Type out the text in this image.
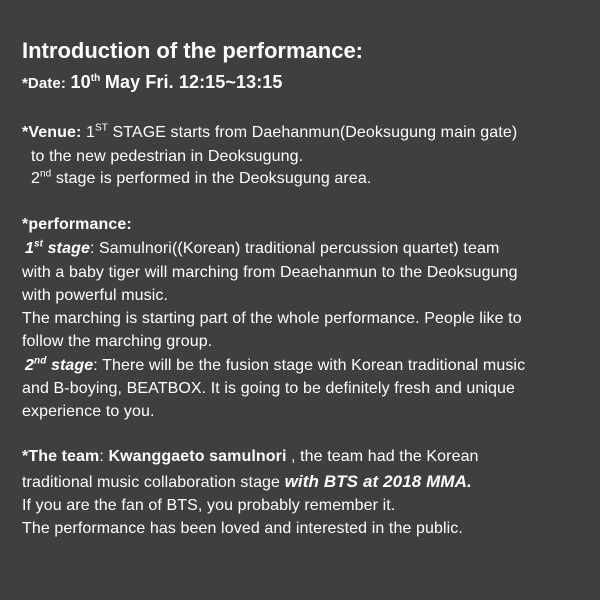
Introduction of the performance:
*Date: 10th May Fri. 12:15~13:15
*Venue: 1ST STAGE starts from Daehanmun(Deoksugung main gate)
to the new pedestrian in Deoksugung.
2nd stage is performed in the Deoksugung area.
*performance:
1st stage: Samulnori((Korean) traditional percussion quartet) team
with a baby tiger will marching from Deaehanmun to the Deoksugung
with powerful music.
The marching is starting part of the whole performance. People like to
follow the marching group.
2nd stage: There will be the fusion stage with Korean traditional music
and B-boying, BEATBOX. It is going to be definitely fresh and unique
experience to you.
*The team: Kwanggaeto samulnori , the team had the Korean
traditional music collaboration stage with BTS at 2018 MMA.
If you are the fan of BTS, you probably remember it.
The performance has been loved and interested in the public.
